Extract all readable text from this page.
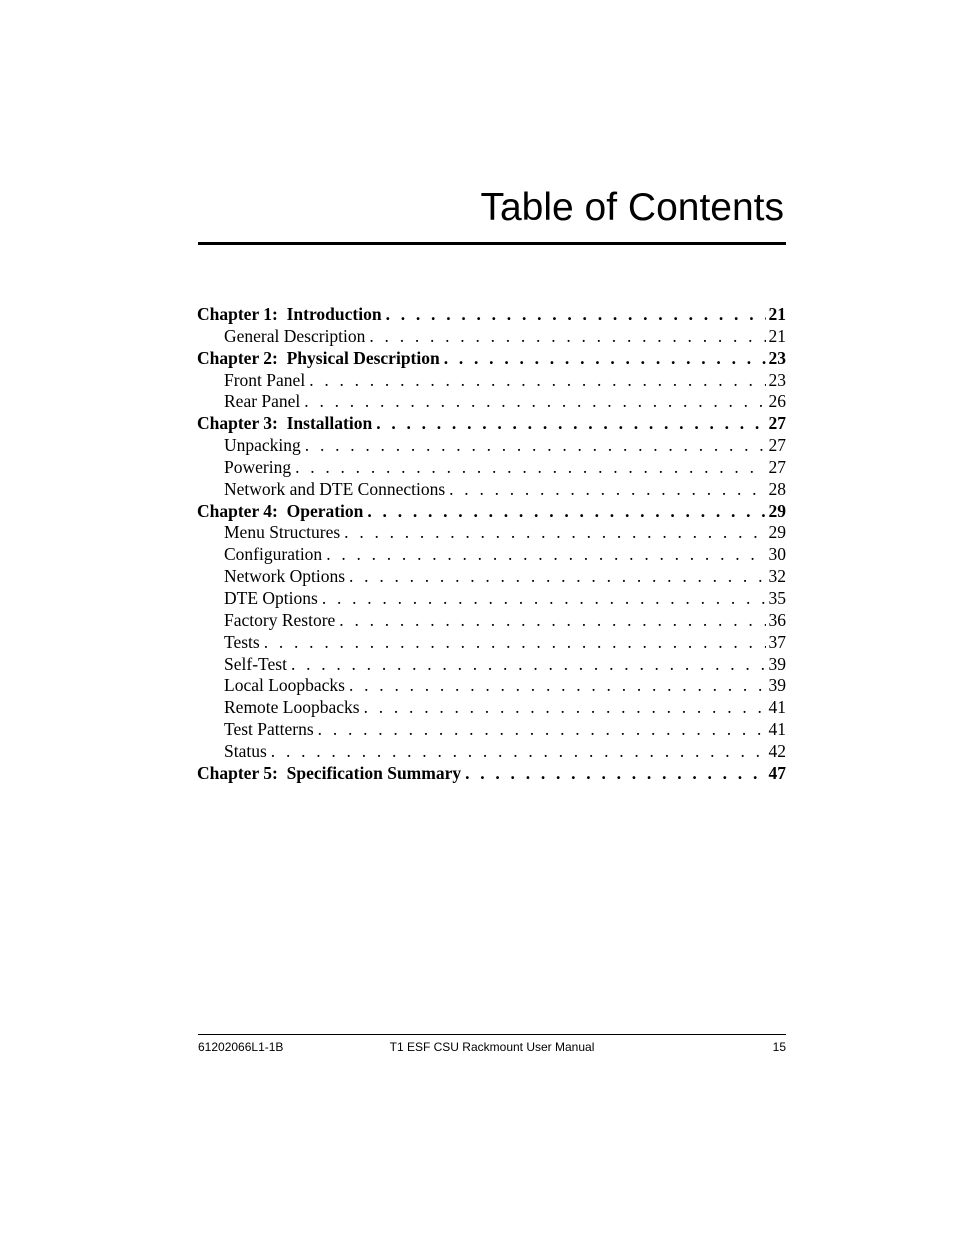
Table of Contents
Chapter 1:  Introduction . . .	21
General Description . . .	21
Chapter 2:  Physical Description . . .	23
Front Panel . . .	23
Rear Panel . . .	26
Chapter 3:  Installation . . .	27
Unpacking . . .	27
Powering . . .	27
Network and DTE Connections . . .	28
Chapter 4:  Operation . . .	29
Menu Structures . . .	29
Configuration . . .	30
Network Options . . .	32
DTE Options . . .	35
Factory Restore . . .	36
Tests . . .	37
Self-Test . . .	39
Local Loopbacks . . .	39
Remote Loopbacks . . .	41
Test Patterns . . .	41
Status . . .	42
Chapter 5:  Specification Summary . . .	47
61202066L1-1B	T1 ESF CSU Rackmount User Manual	15
